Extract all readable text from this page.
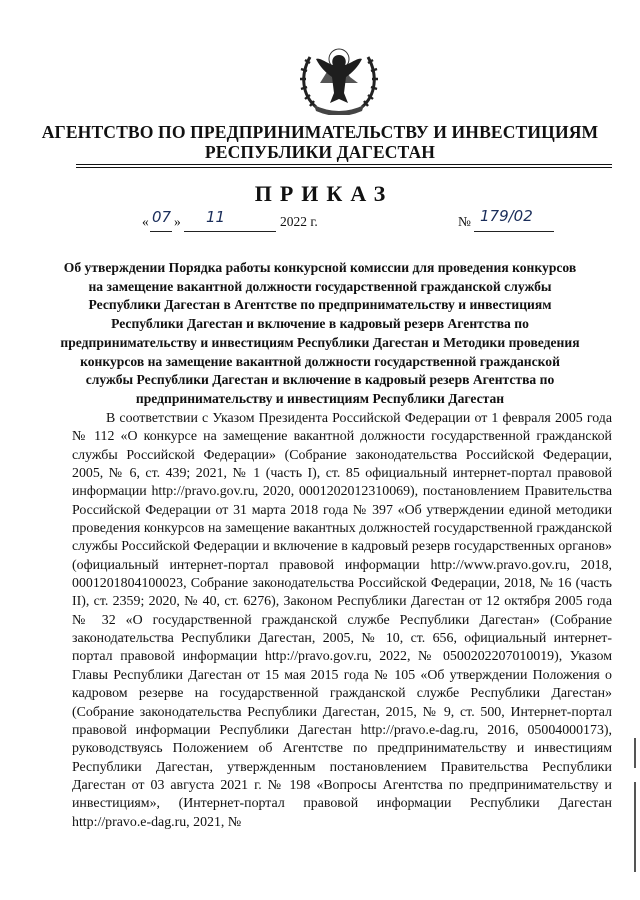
АГЕНТСТВО ПО ПРЕДПРИНИМАТЕЛЬСТВУ И ИНВЕСТИЦИЯМ
РЕСПУБЛИКИ ДАГЕСТАН
ПРИКАЗ
« 07 » 11	2022 г.	№ 179/02

Об утверждении Порядка работы конкурсной комиссии для проведения конкурсов на замещение вакантной должности государственной гражданской службы Республики Дагестан в Агентстве по предпринимательству и инвестициям Республики Дагестан и включение в кадровый резерв Агентства по предпринимательству и инвестициям Республики Дагестан и Методики проведения конкурсов на замещение вакантной должности государственной гражданской службы Республики Дагестан и включение в кадровый резерв Агентства по предпринимательству и инвестициям Республики Дагестан

В соответствии с Указом Президента Российской Федерации от 1 февраля 2005 года № 112 «О конкурсе на замещение вакантной должности государственной гражданской службы Российской Федерации» (Собрание законодательства Российской Федерации, 2005, № 6, ст. 439; 2021, № 1 (часть I), ст. 85 официальный интернет-портал правовой информации http://pravo.gov.ru, 2020, 0001202012310069), постановлением Правительства Российской Федерации от 31 марта 2018 года № 397 «Об утверждении единой методики проведения конкурсов на замещение вакантных должностей государственной гражданской службы Российской Федерации и включение в кадровый резерв государственных органов» (официальный интернет-портал правовой информации http://www.pravo.gov.ru, 2018, 0001201804100023, Собрание законодательства Российской Федерации, 2018, № 16 (часть II), ст. 2359; 2020, № 40, ст. 6276), Законом Республики Дагестан от 12 октября 2005 года № 32 «О государственной гражданской службе Республики Дагестан» (Собрание законодательства Республики Дагестан, 2005, № 10, ст. 656, официальный интернет-портал правовой информации http://pravo.gov.ru, 2022, № 0500202207010019), Указом Главы Республики Дагестан от 15 мая 2015 года № 105 «Об утверждении Положения о кадровом резерве на государственной гражданской службе Республики Дагестан» (Собрание законодательства Республики Дагестан, 2015, № 9, ст. 500, Интернет-портал правовой информации Республики Дагестан http://pravo.e-dag.ru, 2016, 05004000173), руководствуясь Положением об Агентстве по предпринимательству и инвестициям Республики Дагестан, утвержденным постановлением Правительства Республики Дагестан от 03 августа 2021 г. № 198 «Вопросы Агентства по предпринимательству и инвестициям», (Интернет-портал правовой информации Республики Дагестан http://pravo.e-dag.ru, 2021, №
